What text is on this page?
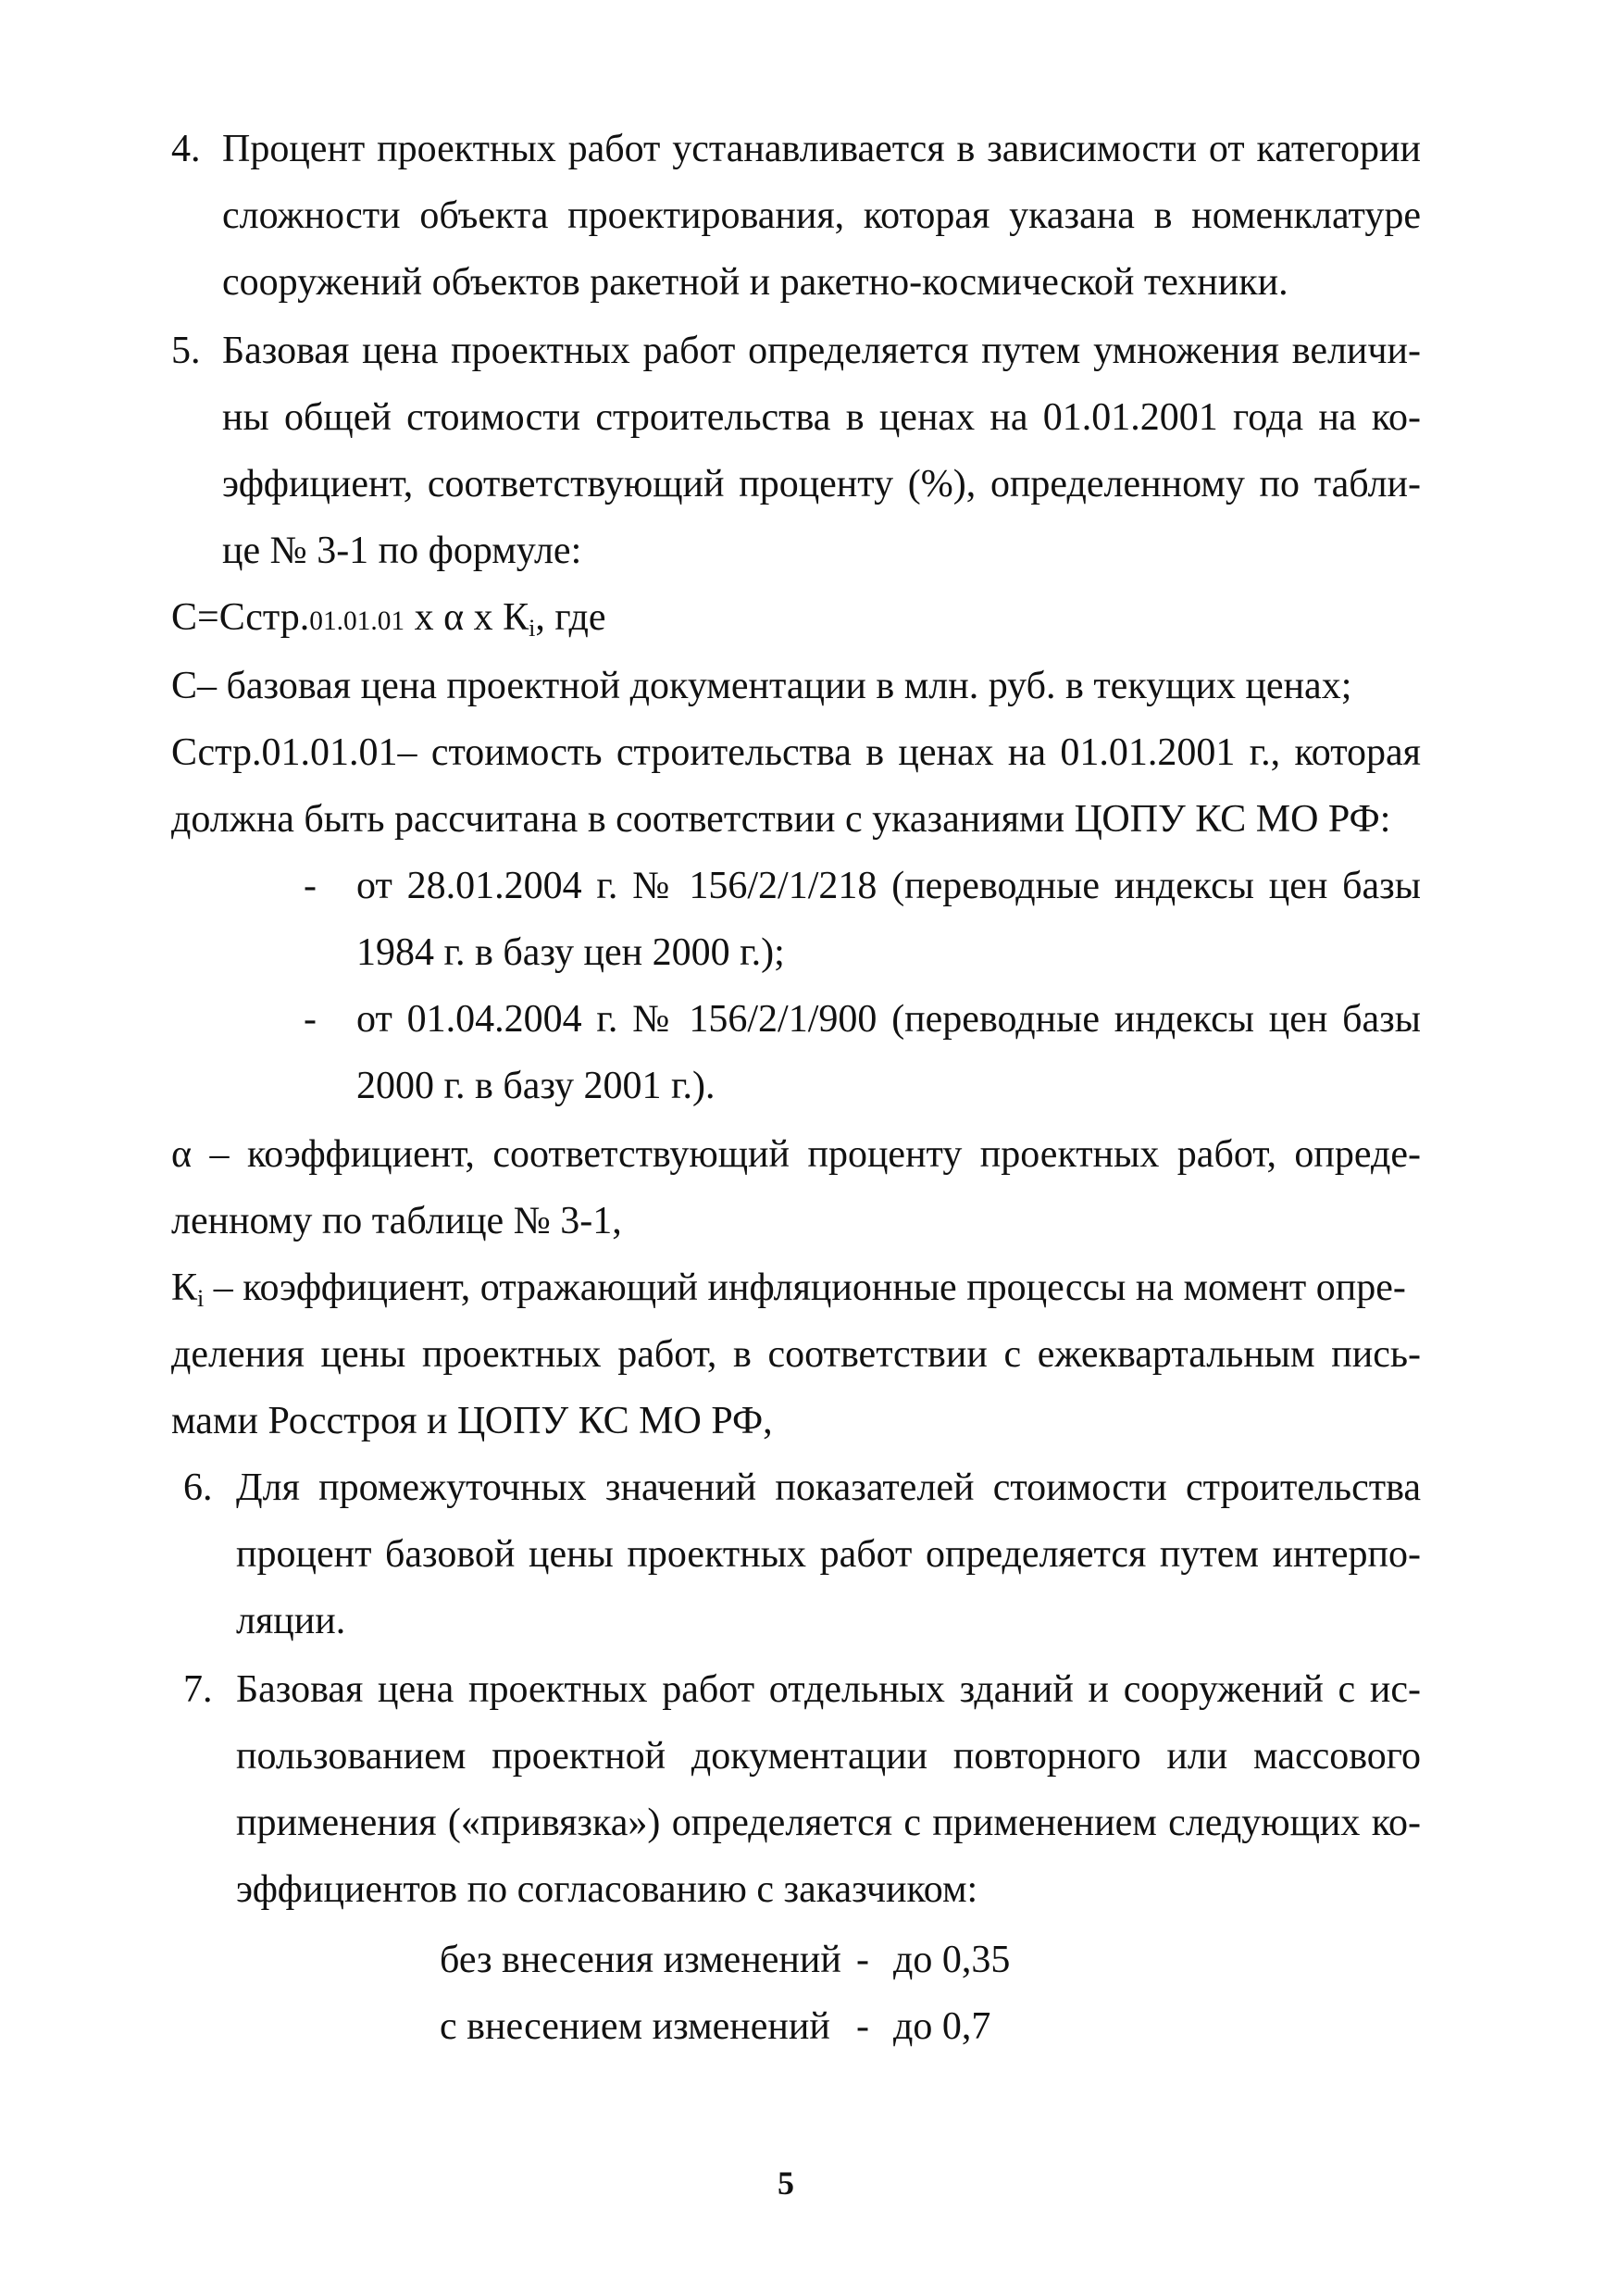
4. Процент проектных работ устанавливается в зависимости от категории
сложности объекта проектирования, которая указана в номенклатуре
сооружений объектов ракетной и ракетно-космической техники.
5. Базовая цена проектных работ определяется путем умножения величи-
ны общей стоимости строительства в ценах на 01.01.2001 года на ко-
эффициент, соответствующий проценту (%), определенному по табли-
це № 3-1 по формуле:
С=Сстр.01.01.01 x α x $К_i$, где
С– базовая цена проектной документации в млн. руб. в текущих ценах;
Сстр.01.01.01– стоимость строительства в ценах на 01.01.2001 г., которая
должна быть рассчитана в соответствии с указаниями ЦОПУ КС МО РФ:
- от 28.01.2004 г. № 156/2/1/218 (переводные индексы цен базы
1984 г. в базу цен 2000 г.);
- от 01.04.2004 г. № 156/2/1/900 (переводные индексы цен базы
2000 г. в базу 2001 г.).
α – коэффициент, соответствующий проценту проектных работ, опреде-
ленному по таблице № 3-1,
$К_i$ – коэффициент, отражающий инфляционные процессы на момент опре-
деления цены проектных работ, в соответствии с ежеквартальным пись-
мами Росстроя и ЦОПУ КС МО РФ,
6. Для промежуточных значений показателей стоимости строительства
процент базовой цены проектных работ определяется путем интерпо-
ляции.
7. Базовая цена проектных работ отдельных зданий и сооружений с ис-
пользованием проектной документации повторного или массового
применения («привязка») определяется с применением следующих ко-
эффициентов по согласованию с заказчиком:
без внесения изменений - до 0,35
с внесением изменений - до 0,7
5
